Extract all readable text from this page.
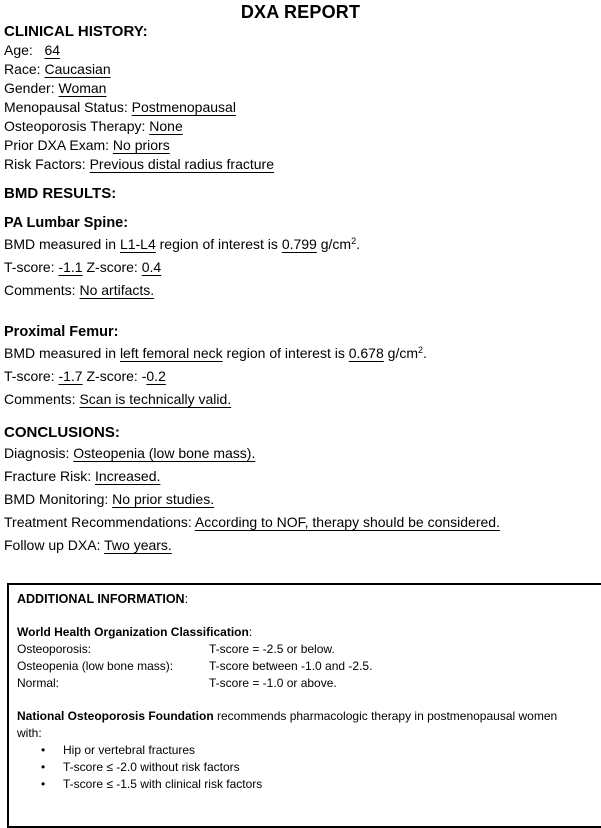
DXA REPORT
CLINICAL HISTORY:
Age:   64
Race: Caucasian
Gender: Woman
Menopausal Status: Postmenopausal
Osteoporosis Therapy: None
Prior DXA Exam: No priors
Risk Factors: Previous distal radius fracture
BMD RESULTS:
PA Lumbar Spine:
BMD measured in L1-L4 region of interest is 0.799 $g/cm^2$.
T-score: -1.1 Z-score: 0.4
Comments: No artifacts.
Proximal Femur:
BMD measured in left femoral neck region of interest is 0.678 $g/cm^2$.
T-score: -1.7 Z-score: -0.2
Comments: Scan is technically valid.
CONCLUSIONS:
Diagnosis: Osteopenia (low bone mass).
Fracture Risk: Increased.
BMD Monitoring: No prior studies.
Treatment Recommendations: According to NOF, therapy should be considered.
Follow up DXA: Two years.
ADDITIONAL INFORMATION:
World Health Organization Classification:
Osteoporosis:	T-score = -2.5 or below.
Osteopenia (low bone mass):	T-score between -1.0 and -2.5.
Normal:	T-score = -1.0 or above.
National Osteoporosis Foundation recommends pharmacologic therapy in postmenopausal women with:
•	Hip or vertebral fractures
•	T-score ≤ -2.0 without risk factors
•	T-score ≤ -1.5 with clinical risk factors
